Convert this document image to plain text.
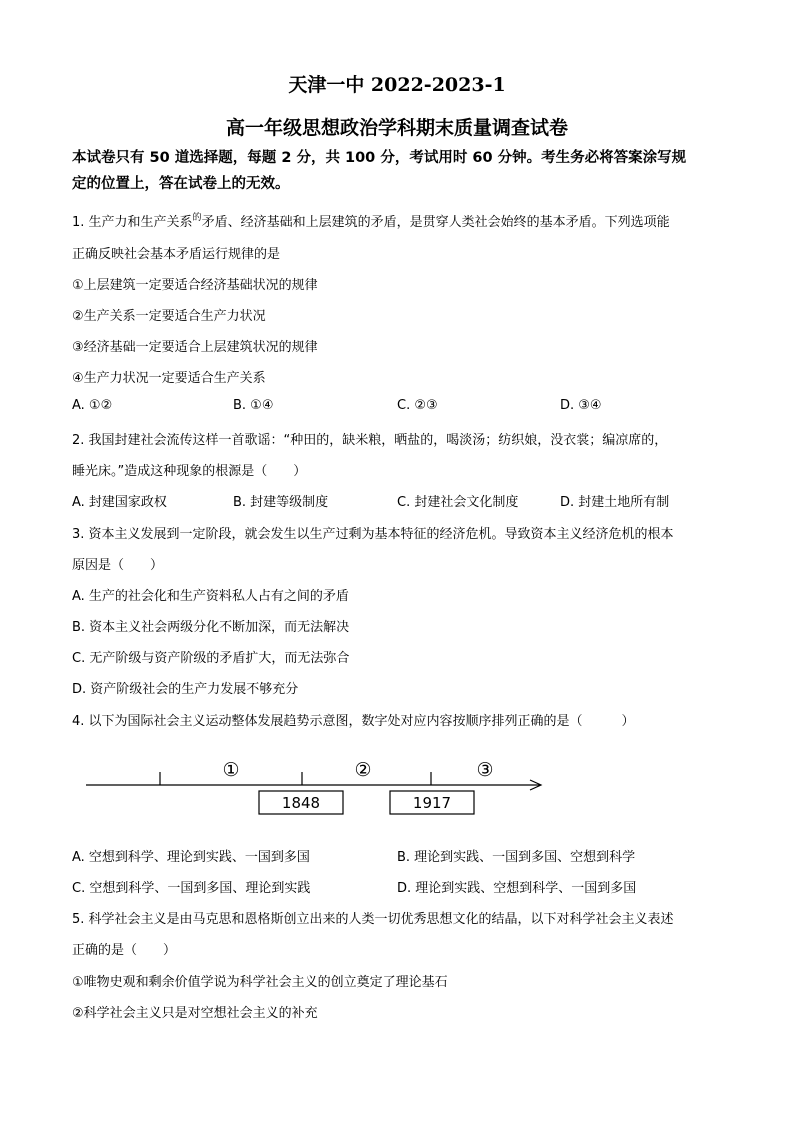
天津一中 2022-2023-1
高一年级思想政治学科期末质量调查试卷
本试卷只有 50 道选择题，每题 2 分，共 100 分，考试用时 60 分钟。考生务必将答案涂写规
定的位置上，答在试卷上的无效。
1. 生产力和生产关系$^的$矛盾、经济基础和上层建筑的矛盾，是贯穿人类社会始终的基本矛盾。下列选项能
正确反映社会基本矛盾运行规律的是
①上层建筑一定要适合经济基础状况的规律
②生产关系一定要适合生产力状况
③经济基础一定要适合上层建筑状况的规律
④生产力状况一定要适合生产关系
A. ①②	B. ①④	C. ②③	D. ③④
2. 我国封建社会流传这样一首歌谣：“种田的，缺米粮，晒盐的，喝淡汤；纺织娘，没衣裳；编凉席的，
睡光床。”造成这种现象的根源是（　　）
A. 封建国家政权	B. 封建等级制度	C. 封建社会文化制度	D. 封建土地所有制
3. 资本主义发展到一定阶段，就会发生以生产过剩为基本特征的经济危机。导致资本主义经济危机的根本
原因是（　　）
A. 生产的社会化和生产资料私人占有之间的矛盾
B. 资本主义社会两级分化不断加深，而无法解决
C. 无产阶级与资产阶级的矛盾扩大，而无法弥合
D. 资产阶级社会的生产力发展不够充分
4. 以下为国际社会主义运动整体发展趋势示意图，数字处对应内容按顺序排列正确的是（　　　）
①	②	③
1848	1917
A. 空想到科学、理论到实践、一国到多国	B. 理论到实践、一国到多国、空想到科学
C. 空想到科学、一国到多国、理论到实践	D. 理论到实践、空想到科学、一国到多国
5. 科学社会主义是由马克思和恩格斯创立出来的人类一切优秀思想文化的结晶，以下对科学社会主义表述
正确的是（　　）
①唯物史观和剩余价值学说为科学社会主义的创立奠定了理论基石
②科学社会主义只是对空想社会主义的补充
